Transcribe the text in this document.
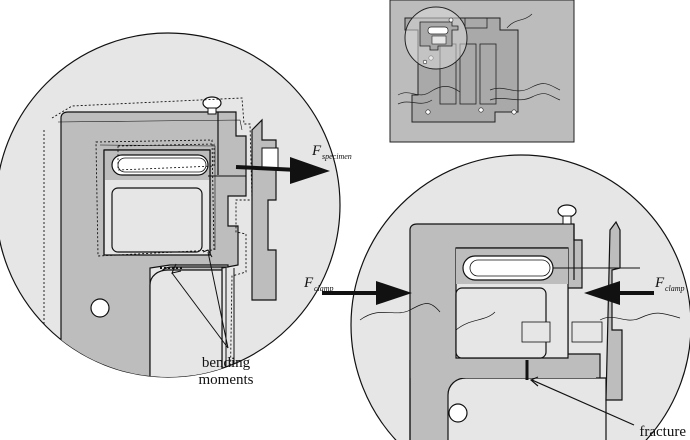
F specimen
F clamp	F clamp
bending
moments
fracture
